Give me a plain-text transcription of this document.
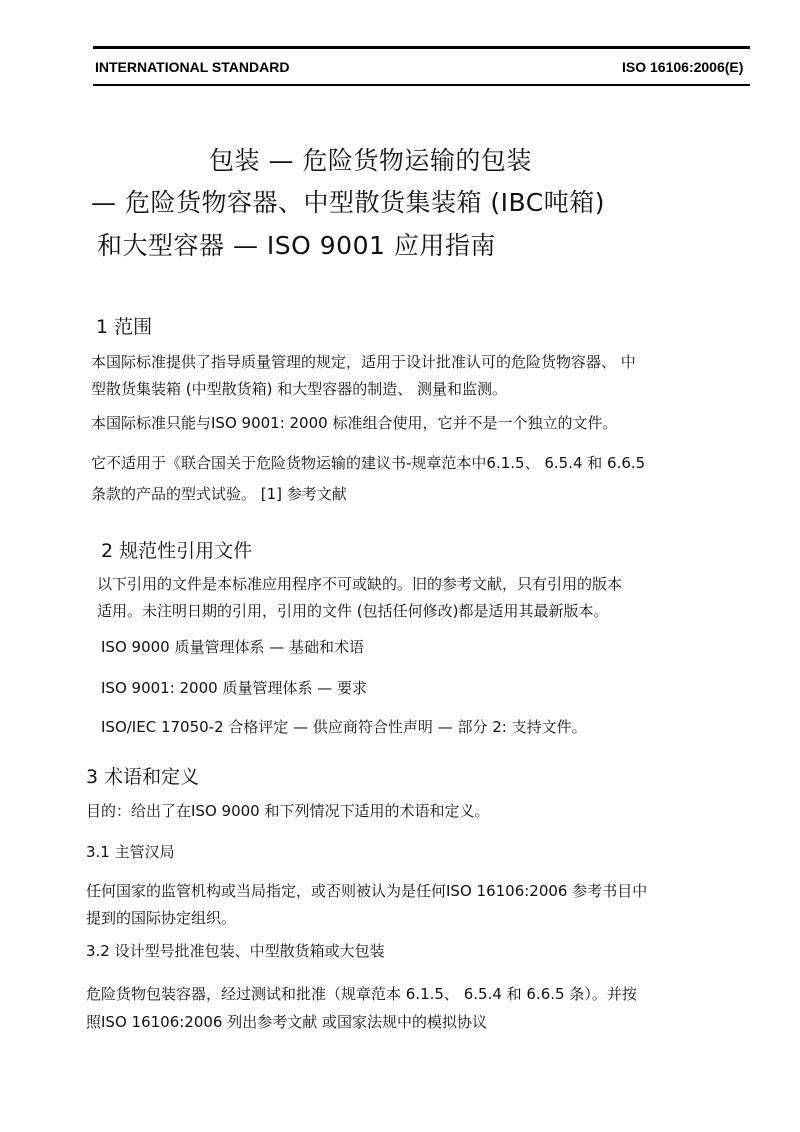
INTERNATIONAL STANDARD	ISO 16106:2006(E)
包装 — 危险货物运输的包装
— 危险货物容器、中型散货集装箱 (IBC吨箱)
和大型容器 — ISO 9001 应用指南
1 范围
本国际标准提供了指导质量管理的规定，适用于设计批准认可的危险货物容器、 中
型散货集装箱 (中型散货箱) 和大型容器的制造、 测量和监测。
本国际标准只能与ISO 9001: 2000 标准组合使用，它并不是一个独立的文件。
它不适用于《联合国关于危险货物运输的建议书-规章范本中6.1.5、 6.5.4 和 6.6.5
条款的产品的型式试验。 [1] 参考文献
2 规范性引用文件
以下引用的文件是本标准应用程序不可或缺的。旧的参考文献，只有引用的版本
适用。未注明日期的引用，引用的文件 (包括任何修改)都是适用其最新版本。
ISO 9000 质量管理体系 — 基础和术语
ISO 9001: 2000 质量管理体系 — 要求
ISO/IEC 17050-2 合格评定 — 供应商符合性声明 — 部分 2: 支持文件。
3 术语和定义
目的：给出了在ISO 9000 和下列情况下适用的术语和定义。
3.1 主管汉局
任何国家的监管机构或当局指定，或否则被认为是任何ISO 16106:2006 参考书目中
提到的国际协定组织。
3.2 设计型号批准包装、中型散货箱或大包装
危险货物包装容器，经过测试和批准（规章范本 6.1.5、 6.5.4 和 6.6.5 条）。并按
照ISO 16106:2006 列出参考文献 或国家法规中的模拟协议
